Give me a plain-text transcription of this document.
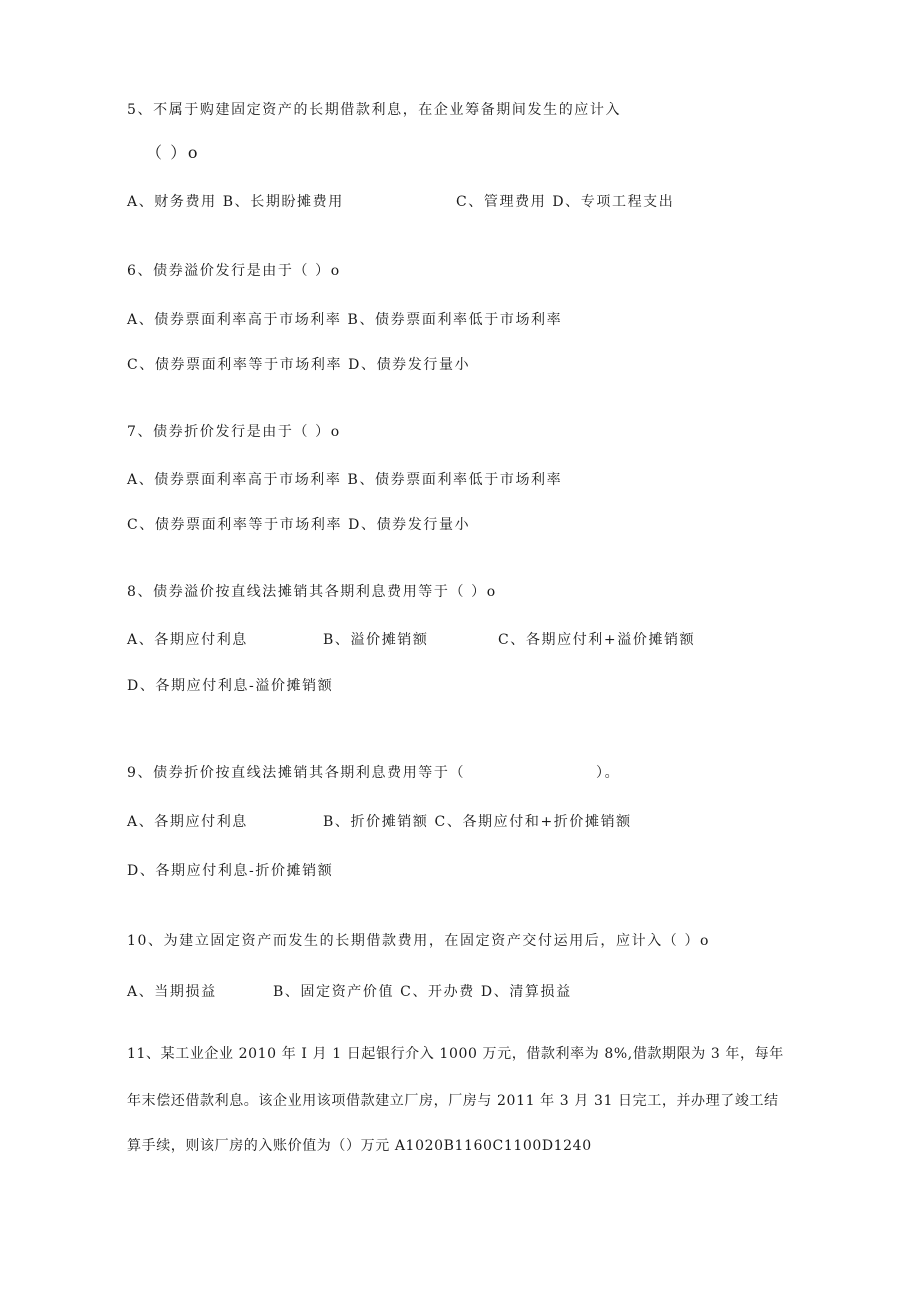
5、不属于购建固定资产的长期借款利息，在企业筹备期间发生的应计入
（ ）o
A、财务费用 B、长期盼摊费用	C、管理费用 D、专项工程支出
6、债券溢价发行是由于（ ）o
A、债券票面利率高于市场利率 B、债券票面利率低于市场利率
C、债券票面利率等于市场利率 D、债券发行量小
7、债券折价发行是由于（ ）o
A、债券票面利率高于市场利率 B、债券票面利率低于市场利率
C、债券票面利率等于市场利率 D、债券发行量小
8、债券溢价按直线法摊销其各期利息费用等于（ ）o
A、各期应付利息	B、溢价摊销额	C、各期应付利+溢价摊销额
D、各期应付利息-溢价摊销额
9、债券折价按直线法摊销其各期利息费用等于（	）。
A、各期应付利息	B、折价摊销额 C、各期应付和+折价摊销额
D、各期应付利息-折价摊销额
10、为建立固定资产而发生的长期借款费用，在固定资产交付运用后，应计入（ ）o
A、当期损益	B、固定资产价值 C、开办费 D、清算损益
11、某工业企业 2010 年 I 月 1 日起银行介入 1000 万元，借款利率为 8%,借款期限为 3 年，每年
年末偿还借款利息。该企业用该项借款建立厂房，厂房与 2011 年 3 月 31 日完工，并办理了竣工结
算手续，则该厂房的入账价值为（）万元 A1020B1160C1100D1240
